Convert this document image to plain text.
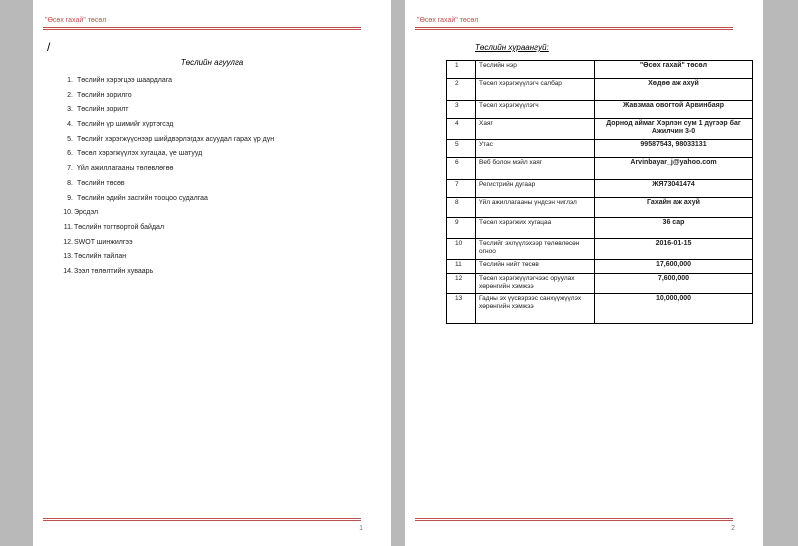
"Өсөх гахай" төсөл
/
Төслийн агуулга
1. Төслийн хэрэгцээ шаардлага
2. Төслийн зорилго
3. Төслийн зорилт
4. Төслийн үр шимийг хүртэгсэд
5. Төслийг хэрэгжүүснээр шийдвэрлэгдэх асуудал гарах үр дүн
6. Төсөл хэрэгжүүлэх хугацаа, үе шатууд
7. Үйл ажиллагааны төлөвлөгөө
8. Төслийн төсөв
9. Төслийн эдийн засгийн тооцоо судалгаа
10.Эрсдэл
11.Төслийн тогтвортой байдал
12.SWOT шинжилгээ
13.Төслийн тайлан
14.Зээл төлөлтийн хуваарь
1
"Өсөх гахай" төсөл
Төслийн хураангуй:
1	Төслийн нэр	"Өсөх гахай" төсөл
2	Төсөл хэрэгжүүлэгч салбар	Хөдөө аж ахуй
3	Төсөл хэрэгжүүлэгч	Жавзмаа овогтой Арвинбаяр
4	Хаяг	Дорнод аймаг Хэрлэн сум 1 дүгээр баг Ажилчин 3-0
5	Утас	99587543, 98033131
6	Веб болон мэйл хаяг	Arvinbayar_j@yahoo.com
7	Регистрийн дугаар	ЖЯ73041474
8	Үйл ажиллагааны үндсэн чиглэл	Гахайн аж ахуй
9	Төсөл хэрэгжих хугацаа	36 сар
10	Төслийг эхлүүлэхээр төлөвлөсөн огноо	2016-01-15
11	Төслийн нийт төсөв	17,600,000
12	Төсөл хэрэгжүүлэгчээс оруулах хөрөнгийн хэмжээ	7,600,000
13	Гадны эх үүсвэрээс санхүүжүүлэх хөрөнгийн хэмжээ	10,000,000
2
